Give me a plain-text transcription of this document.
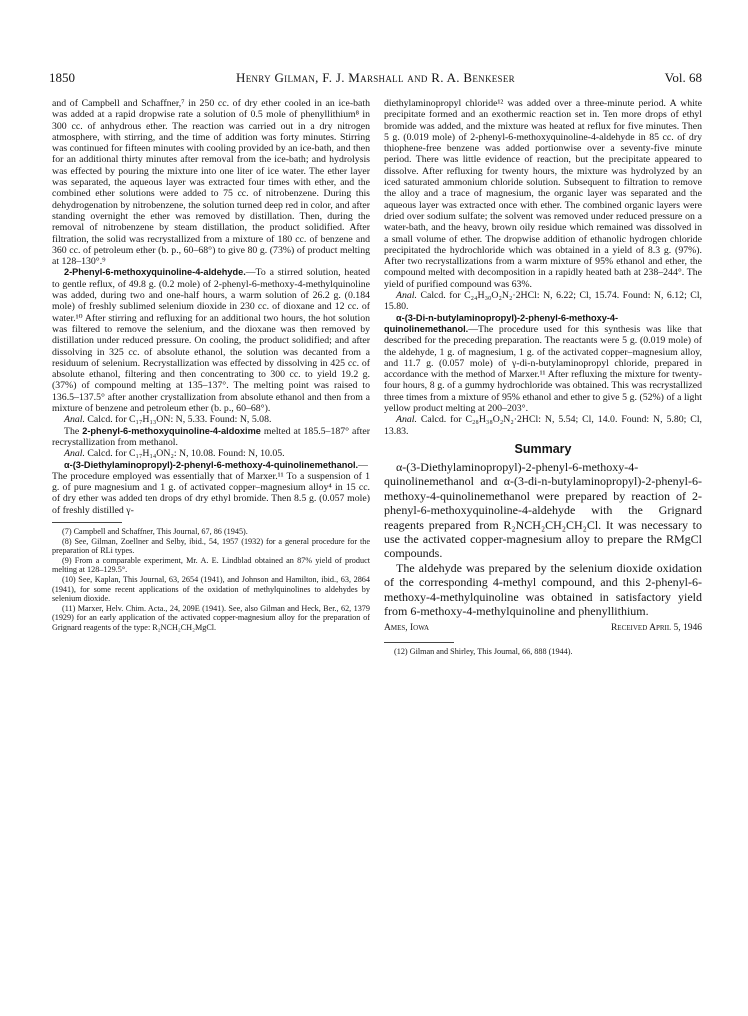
1850	Henry Gilman, F. J. Marshall and R. A. Benkeser	Vol. 68

and of Campbell and Schaffner,⁷ in 250 cc. of dry ether cooled in an ice-bath was added at a rapid dropwise rate a solution of 0.5 mole of phenyllithium⁸ in 300 cc. of anhydrous ether. The reaction was carried out in a dry nitrogen atmosphere, with stirring, and the time of addition was forty minutes. Stirring was continued for fifteen minutes with cooling provided by an ice-bath, and then for an additional thirty minutes after removal from the ice-bath; and hydrolysis was effected by pouring the mixture into one liter of ice water. The ether layer was separated, the aqueous layer was extracted four times with ether, and the combined ether solutions were added to 75 cc. of nitrobenzene. During this dehydrogenation by nitrobenzene, the solution turned deep red in color, and after standing overnight the ether was removed by distillation. Then, during the removal of nitrobenzene by steam distillation, the product solidified. After filtration, the solid was recrystallized from a mixture of 180 cc. of benzene and 360 cc. of petroleum ether (b. p., 60–68°) to give 80 g. (73%) of product melting at 128–130°.⁹

2-Phenyl-6-methoxyquinoline-4-aldehyde.—To a stirred solution, heated to gentle reflux, of 49.8 g. (0.2 mole) of 2-phenyl-6-methoxy-4-methylquinoline was added, during two and one-half hours, a warm solution of 26.2 g. (0.184 mole) of freshly sublimed selenium dioxide in 230 cc. of dioxane and 12 cc. of water.¹⁰ After stirring and refluxing for an additional two hours, the hot solution was filtered to remove the selenium, and the dioxane was then removed by distillation under reduced pressure. On cooling, the product solidified; and after dissolving in 325 cc. of absolute ethanol, the solution was decanted from a residuum of selenium. Recrystallization was effected by dissolving in 425 cc. of absolute ethanol, filtering and then concentrating to 300 cc. to yield 19.2 g. (37%) of compound melting at 135–137°. The melting point was raised to 136.5–137.5° after another crystallization from absolute ethanol and then from a mixture of benzene and petroleum ether (b. p., 60–68°).

Anal. Calcd. for C₁₇H₁₃ON: N, 5.33. Found: N, 5.08.

The 2-phenyl-6-methoxyquinoline-4-aldoxime melted at 185.5–187° after recrystallization from methanol.

Anal. Calcd. for C₁₇H₁₄ON₂: N, 10.08. Found: N, 10.05.

α-(3-Diethylaminopropyl)-2-phenyl-6-methoxy-4-quinolinemethanol.—The procedure employed was essentially that of Marxer.¹¹ To a suspension of 1 g. of pure magnesium and 1 g. of activated copper–magnesium alloy⁴ in 15 cc. of dry ether was added ten drops of dry ethyl bromide. Then 8.5 g. (0.057 mole) of freshly distilled γ-

(7) Campbell and Schaffner, This Journal, 67, 86 (1945).

(8) See, Gilman, Zoellner and Selby, ibid., 54, 1957 (1932) for a general procedure for the preparation of RLi types.

(9) From a comparable experiment, Mr. A. E. Lindblad obtained an 87% yield of product melting at 128–129.5°.

(10) See, Kaplan, This Journal, 63, 2654 (1941), and Johnson and Hamilton, ibid., 63, 2864 (1941), for some recent applications of the oxidation of methylquinolines to aldehydes by selenium dioxide.

(11) Marxer, Helv. Chim. Acta., 24, 209E (1941). See, also Gilman and Heck, Ber., 62, 1379 (1929) for an early application of the activated copper-magnesium alloy for the preparation of Grignard reagents of the type: R₂NCH₂CH₂MgCl.

diethylaminopropyl chloride¹² was added over a three-minute period. A white precipitate formed and an exothermic reaction set in. Ten more drops of ethyl bromide was added, and the mixture was heated at reflux for five minutes. Then 5 g. (0.019 mole) of 2-phenyl-6-methoxyquinoline-4-aldehyde in 85 cc. of dry thiophene-free benzene was added portionwise over a seventy-five minute period. There was little evidence of reaction, but the precipitate appeared to dissolve. After refluxing for twenty hours, the mixture was hydrolyzed by an iced saturated ammonium chloride solution. Subsequent to filtration to remove the alloy and a trace of magnesium, the organic layer was separated and the aqueous layer was extracted once with ether. The combined organic layers were dried over sodium sulfate; the solvent was removed under reduced pressure on a water-bath, and the heavy, brown oily residue which remained was dissolved in a small volume of ether. The dropwise addition of ethanolic hydrogen chloride precipitated the hydrochloride which was obtained in a yield of 8.3 g. (97%). After two recrystallizations from a warm mixture of 95% ethanol and ether, the compound melted with decomposition in a rapidly heated bath at 238–244°. The yield of purified compound was 63%.

Anal. Calcd. for C₂₄H₃₀O₂N₂·2HCl: N, 6.22; Cl, 15.74. Found: N, 6.12; Cl, 15.80.

α-(3-Di-n-butylaminopropyl)-2-phenyl-6-methoxy-4-quinolinemethanol.—The procedure used for this synthesis was like that described for the preceding preparation. The reactants were 5 g. (0.019 mole) of the aldehyde, 1 g. of magnesium, 1 g. of the activated copper–magnesium alloy, and 11.7 g. (0.057 mole) of γ-di-n-butylaminopropyl chloride, prepared in accordance with the method of Marxer.¹¹ After refluxing the mixture for twenty-four hours, 8 g. of a gummy hydrochloride was obtained. This was recrystallized three times from a mixture of 95% ethanol and ether to give 5 g. (52%) of a light yellow product melting at 200–203°.

Anal. Calcd. for C₂₈H₃₈O₂N₂·2HCl: N, 5.54; Cl, 14.0. Found: N, 5.80; Cl, 13.83.

Summary

α-(3-Diethylaminopropyl)-2-phenyl-6-methoxy-4-quinolinemethanol and α-(3-di-n-butylaminopropyl)-2-phenyl-6-methoxy-4-quinolinemethanol were prepared by reaction of 2-phenyl-6-methoxyquinoline-4-aldehyde with the Grignard reagents prepared from R₂NCH₂CH₂CH₂Cl. It was necessary to use the activated copper-magnesium alloy to prepare the RMgCl compounds.

The aldehyde was prepared by the selenium dioxide oxidation of the corresponding 4-methyl compound, and this 2-phenyl-6-methoxy-4-methylquinoline was obtained in satisfactory yield from 6-methoxy-4-methylquinoline and phenyllithium.

Ames, Iowa	Received April 5, 1946

(12) Gilman and Shirley, This Journal, 66, 888 (1944).
